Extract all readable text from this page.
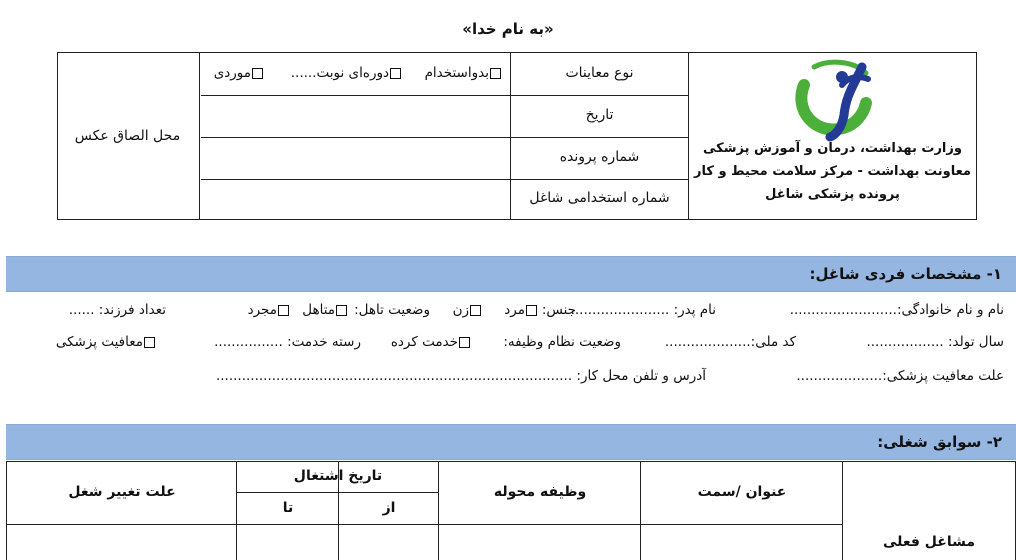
«به نام خدا»
وزارت بهداشت، درمان و آموزش پزشکی
معاونت بهداشت - مرکز سلامت محیط و کار
پرونده پزشکی شاغل
نوع معاینات
تاریخ
شماره پرونده
شماره استخدامی شاغل
بدواستخدام
دوره‌ای نوبت......
موردی
محل الصاق عکس
۱- مشخصات فردی شاغل:
نام و نام خانوادگی:.........................
نام پدر: .......................
جنس:
مرد
زن
وضعیت تاهل:
متاهل
مجرد
تعداد فرزند: ......
سال تولد: ..................
کد ملی:....................
وضعیت نظام وظیفه:
خدمت کرده
رسته خدمت: ................
معافیت پزشکی
علت معافیت پزشکی:....................
آدرس و تلفن محل کار: ...................................................................................
۲- سوابق شغلی:
عنوان /سمت
وظیفه محوله
تاریخ اشتغال
از
تا
علت تغییر شغل
مشاغل فعلی
